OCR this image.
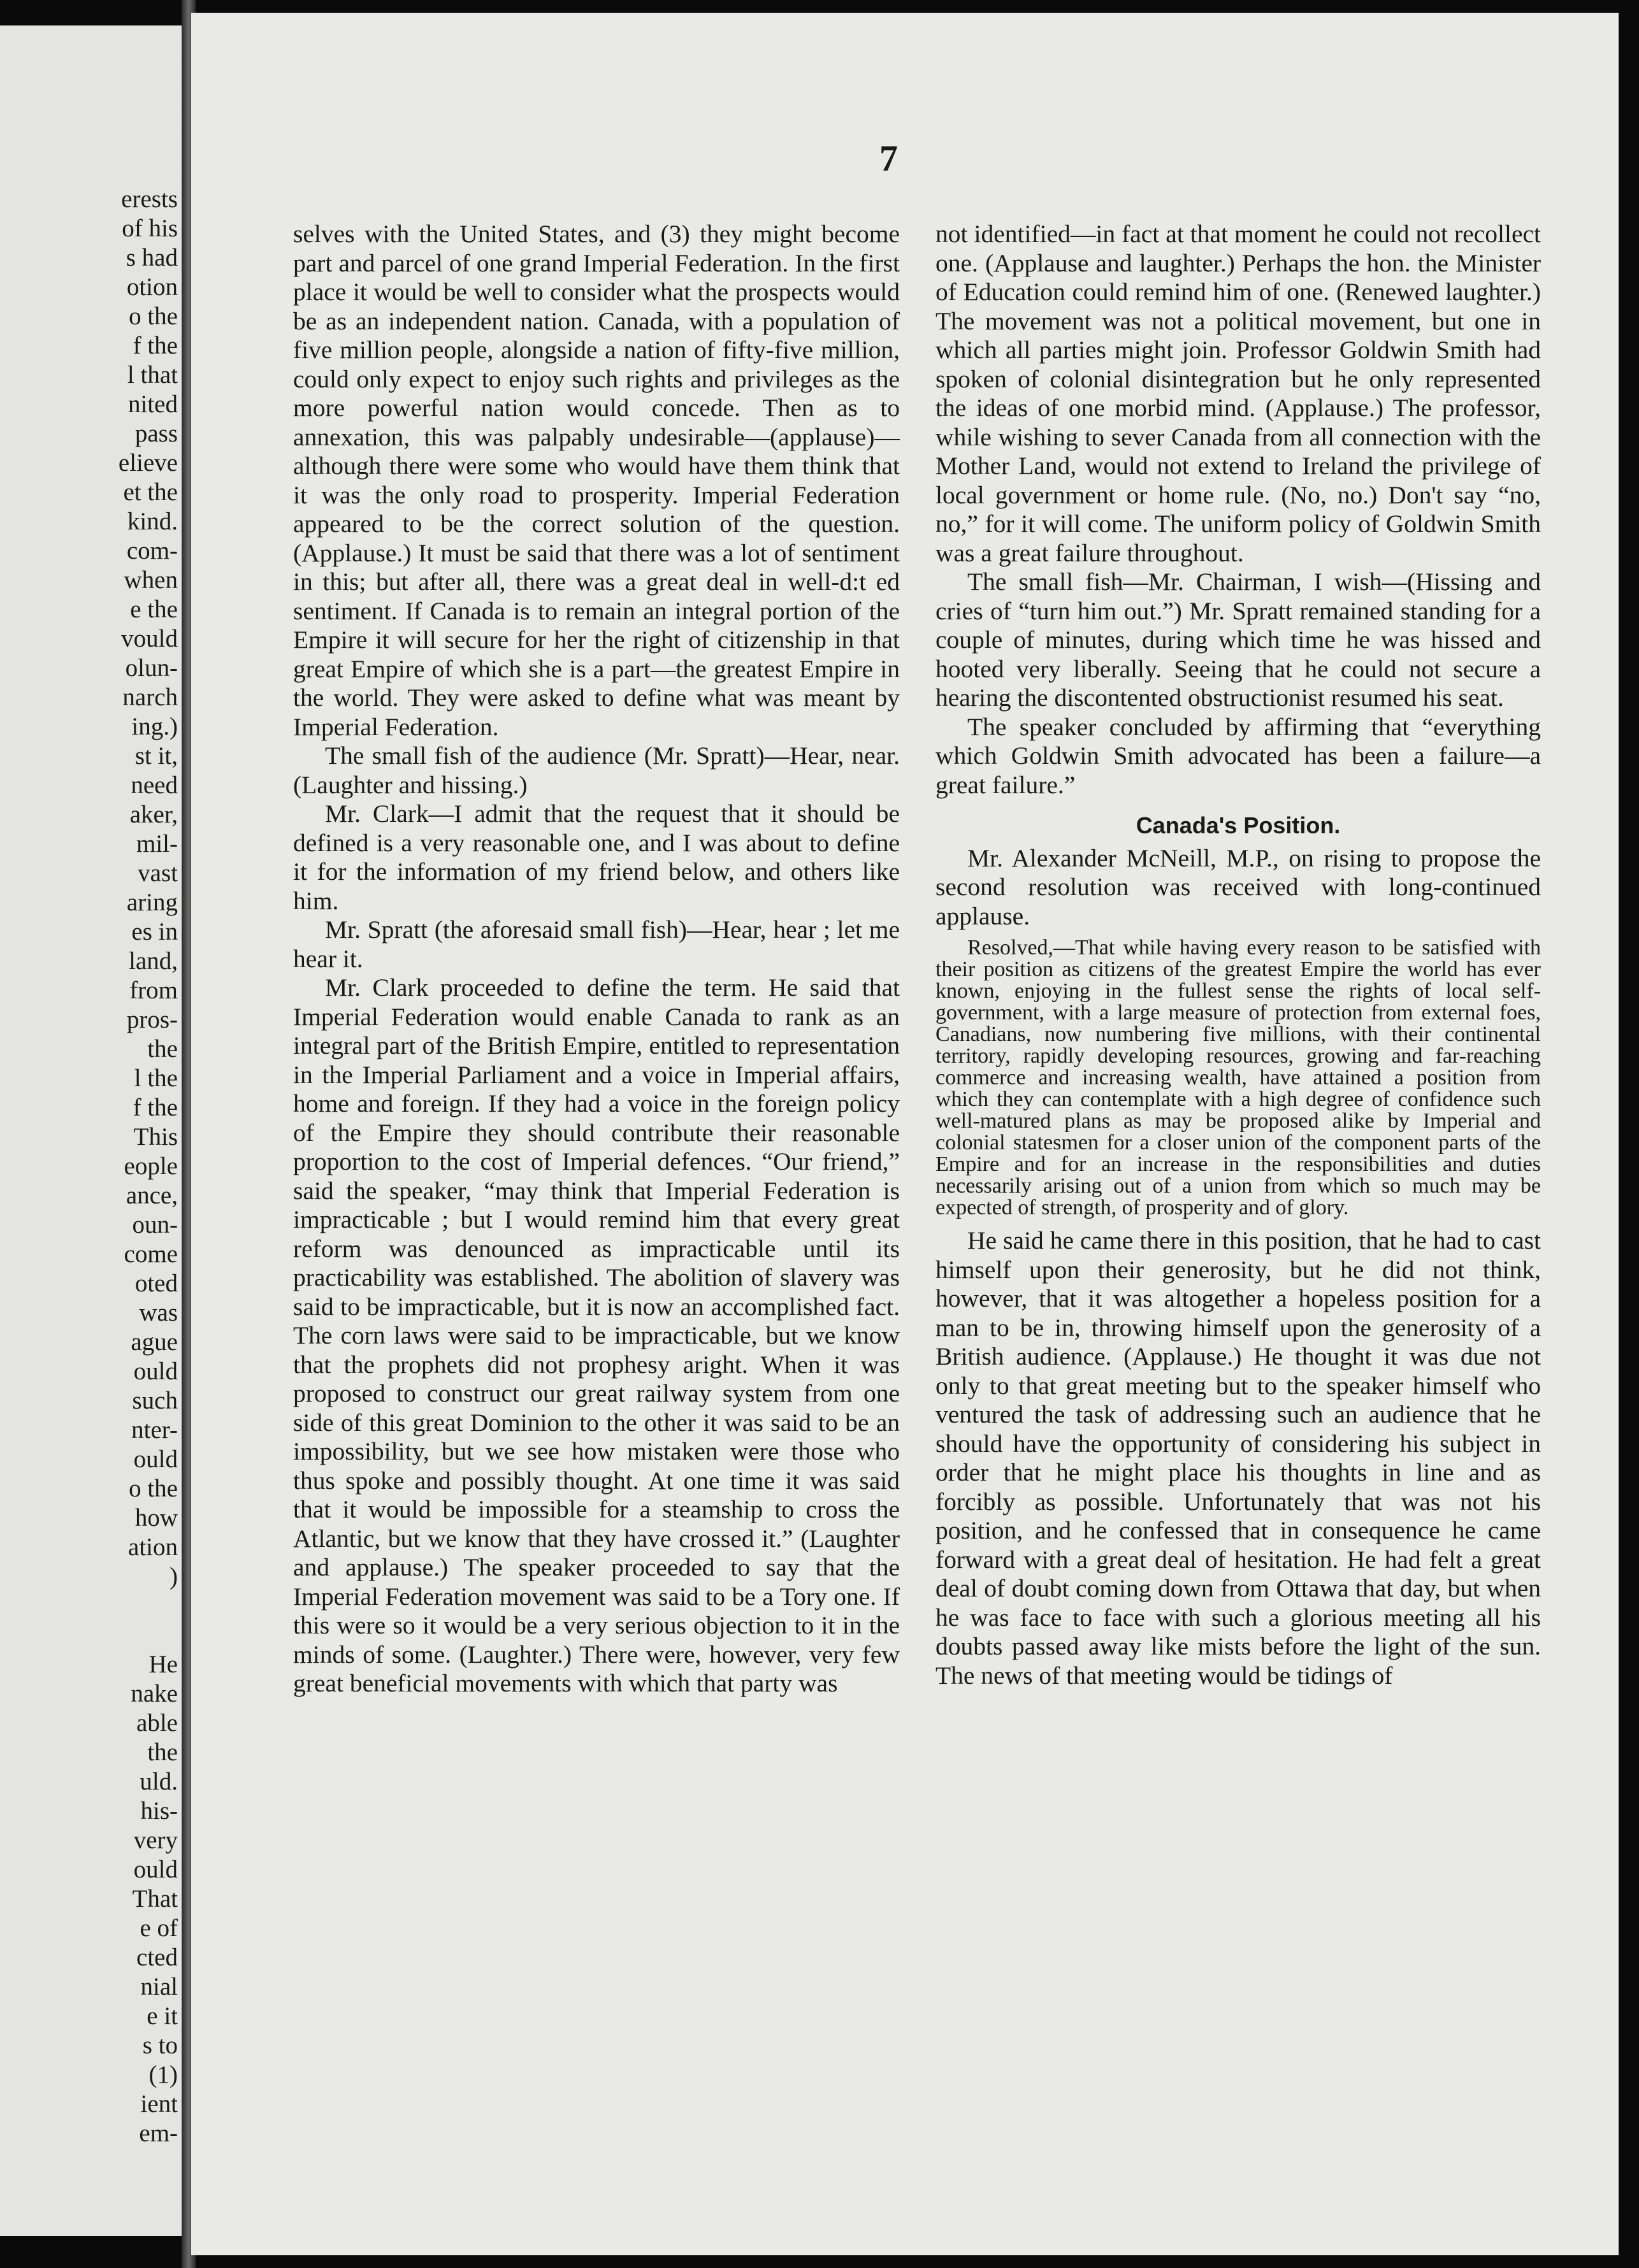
erests
of his
s had
otion
o the
f the
l that
nited
pass
elieve
et the
kind.
com-
when
e the
vould
olun-
narch
ing.)
st it,
need
aker,
mil-
vast
aring
es in
land,
from
pros-
the
l the
f the
This
eople
ance,
oun-
come
oted
was
ague
ould
such
nter-
ould
o the
how
ation
)
He
nake
able
the
uld.
his-
very
ould
That
e of
cted
nial
e it
s to
(1)
ient
em-
7

selves with the United States, and (3) they might become part and parcel of one grand Imperial Federation. In the first place it would be well to consider what the prospects would be as an independent nation. Canada, with a population of five million people, alongside a nation of fifty-five million, could only expect to enjoy such rights and privileges as the more powerful nation would concede. Then as to annexation, this was palpably undesirable—(applause)—although there were some who would have them think that it was the only road to prosperity. Imperial Federation appeared to be the correct solution of the question. (Applause.) It must be said that there was a lot of sentiment in this; but after all, there was a great deal in well-d:t ed sentiment. If Canada is to remain an integral portion of the Empire it will secure for her the right of citizenship in that great Empire of which she is a part—the greatest Empire in the world. They were asked to define what was meant by Imperial Federation.

The small fish of the audience (Mr. Spratt)—Hear, near. (Laughter and hissing.)

Mr. Clark—I admit that the request that it should be defined is a very reasonable one, and I was about to define it for the information of my friend below, and others like him.

Mr. Spratt (the aforesaid small fish)—Hear, hear ; let me hear it.

Mr. Clark proceeded to define the term. He said that Imperial Federation would enable Canada to rank as an integral part of the British Empire, entitled to representation in the Imperial Parliament and a voice in Imperial affairs, home and foreign. If they had a voice in the foreign policy of the Empire they should contribute their reasonable proportion to the cost of Imperial defences. “Our friend,” said the speaker, “may think that Imperial Federation is impracticable ; but I would remind him that every great reform was denounced as impracticable until its practicability was established. The abolition of slavery was said to be impracticable, but it is now an accomplished fact. The corn laws were said to be impracticable, but we know that the prophets did not prophesy aright. When it was proposed to construct our great railway system from one side of this great Dominion to the other it was said to be an impossibility, but we see how mistaken were those who thus spoke and possibly thought. At one time it was said that it would be impossible for a steamship to cross the Atlantic, but we know that they have crossed it.” (Laughter and applause.) The speaker proceeded to say that the Imperial Federation movement was said to be a Tory one. If this were so it would be a very serious objection to it in the minds of some. (Laughter.) There were, however, very few great beneficial movements with which that party was

not identified—in fact at that moment he could not recollect one. (Applause and laughter.) Perhaps the hon. the Minister of Education could remind him of one. (Renewed laughter.) The movement was not a political movement, but one in which all parties might join. Professor Goldwin Smith had spoken of colonial disintegration but he only represented the ideas of one morbid mind. (Applause.) The professor, while wishing to sever Canada from all connection with the Mother Land, would not extend to Ireland the privilege of local government or home rule. (No, no.) Don't say “no, no,” for it will come. The uniform policy of Goldwin Smith was a great failure throughout.

The small fish—Mr. Chairman, I wish—(Hissing and cries of “turn him out.”) Mr. Spratt remained standing for a couple of minutes, during which time he was hissed and hooted very liberally. Seeing that he could not secure a hearing the discontented obstructionist resumed his seat.

The speaker concluded by affirming that “everything which Goldwin Smith advocated has been a failure—a great failure.”

Canada's Position.

Mr. Alexander McNeill, M.P., on rising to propose the second resolution was received with long-continued applause.

Resolved,—That while having every reason to be satisfied with their position as citizens of the greatest Empire the world has ever known, enjoying in the fullest sense the rights of local self-government, with a large measure of protection from external foes, Canadians, now numbering five millions, with their continental territory, rapidly developing resources, growing and far-reaching commerce and increasing wealth, have attained a position from which they can contemplate with a high degree of confidence such well-matured plans as may be proposed alike by Imperial and colonial statesmen for a closer union of the component parts of the Empire and for an increase in the responsibilities and duties necessarily arising out of a union from which so much may be expected of strength, of prosperity and of glory.

He said he came there in this position, that he had to cast himself upon their generosity, but he did not think, however, that it was altogether a hopeless position for a man to be in, throwing himself upon the generosity of a British audience. (Applause.) He thought it was due not only to that great meeting but to the speaker himself who ventured the task of addressing such an audience that he should have the opportunity of considering his subject in order that he might place his thoughts in line and as forcibly as possible. Unfortunately that was not his position, and he confessed that in consequence he came forward with a great deal of hesitation. He had felt a great deal of doubt coming down from Ottawa that day, but when he was face to face with such a glorious meeting all his doubts passed away like mists before the light of the sun. The news of that meeting would be tidings of
